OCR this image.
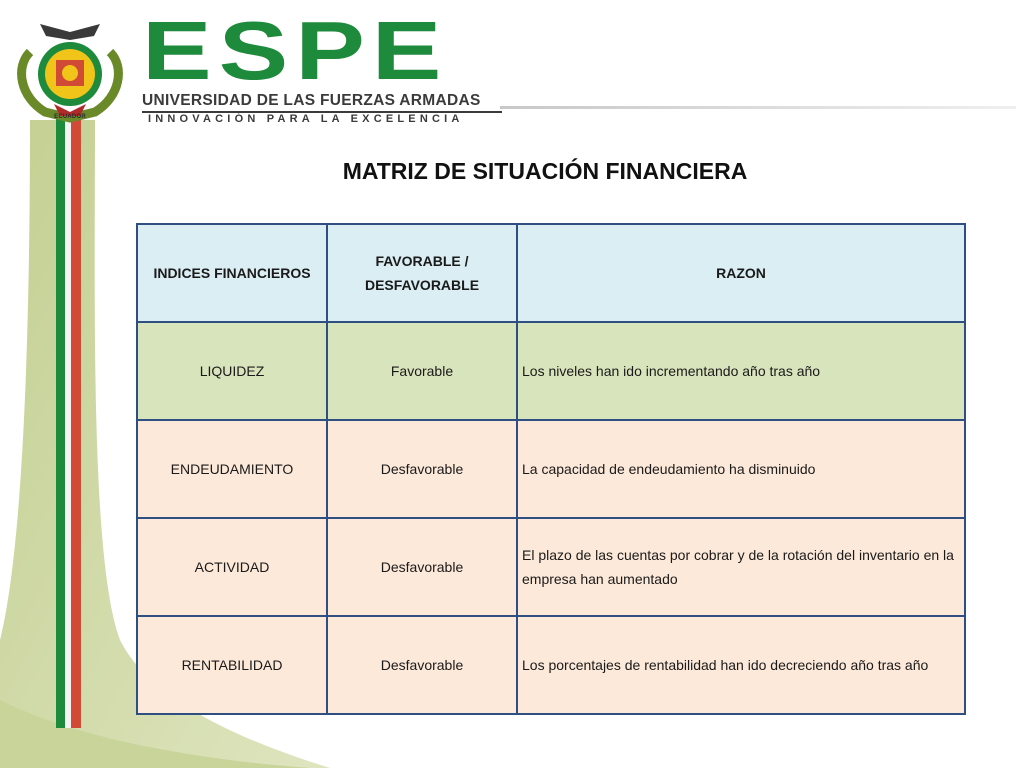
ECUADOR
ESPE
UNIVERSIDAD DE LAS FUERZAS ARMADAS
INNOVACIÓN PARA LA EXCELENCIA
MATRIZ DE SITUACIÓN FINANCIERA
INDICES FINANCIEROS	FAVORABLE / DESFAVORABLE	RAZON
LIQUIDEZ	Favorable	Los niveles han ido incrementando año tras año
ENDEUDAMIENTO	Desfavorable	La capacidad de endeudamiento ha disminuido
ACTIVIDAD	Desfavorable	El plazo de las cuentas por cobrar y de la rotación del inventario en la empresa han aumentado
RENTABILIDAD	Desfavorable	Los porcentajes de rentabilidad han ido decreciendo año tras año
